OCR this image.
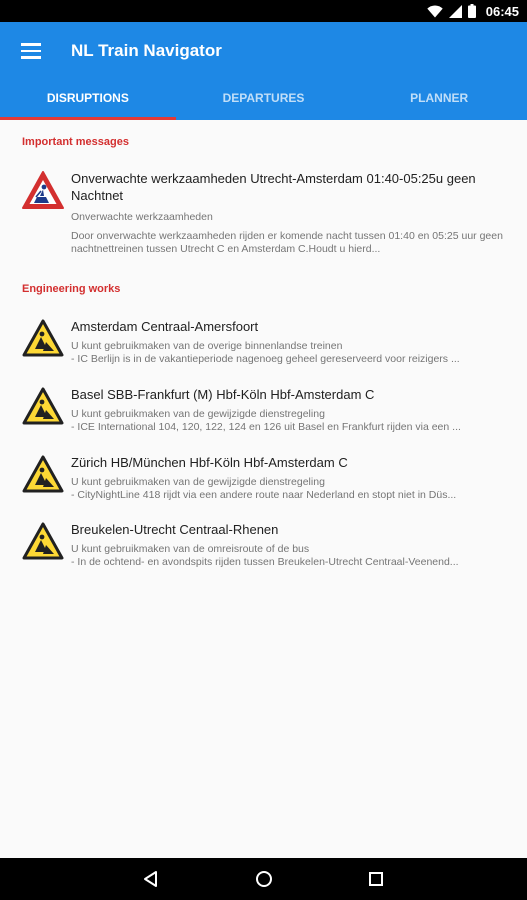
06:45
NL Train Navigator
DISRUPTIONS	DEPARTURES	PLANNER
Important messages
Onverwachte werkzaamheden Utrecht-Amsterdam 01:40-05:25u geen Nachtnet
Onverwachte werkzaamheden
Door onverwachte werkzaamheden rijden er komende nacht tussen 01:40 en 05:25 uur geen nachtnettreinen tussen Utrecht C en Amsterdam C.Houdt u hierd...
Engineering works
Amsterdam Centraal-Amersfoort
U kunt gebruikmaken van de overige binnenlandse treinen
- IC Berlijn is in de vakantieperiode nagenoeg geheel gereserveerd voor reizigers ...
Basel SBB-Frankfurt (M) Hbf-Köln Hbf-Amsterdam C
U kunt gebruikmaken van de gewijzigde dienstregeling
- ICE International 104, 120, 122, 124 en 126 uit Basel en Frankfurt rijden via een ...
Zürich HB/München Hbf-Köln Hbf-Amsterdam C
U kunt gebruikmaken van de gewijzigde dienstregeling
- CityNightLine 418 rijdt via een andere route naar Nederland en stopt niet in Düs...
Breukelen-Utrecht Centraal-Rhenen
U kunt gebruikmaken van de omreisroute of de bus
- In de ochtend- en avondspits rijden tussen Breukelen-Utrecht Centraal-Veenend...
